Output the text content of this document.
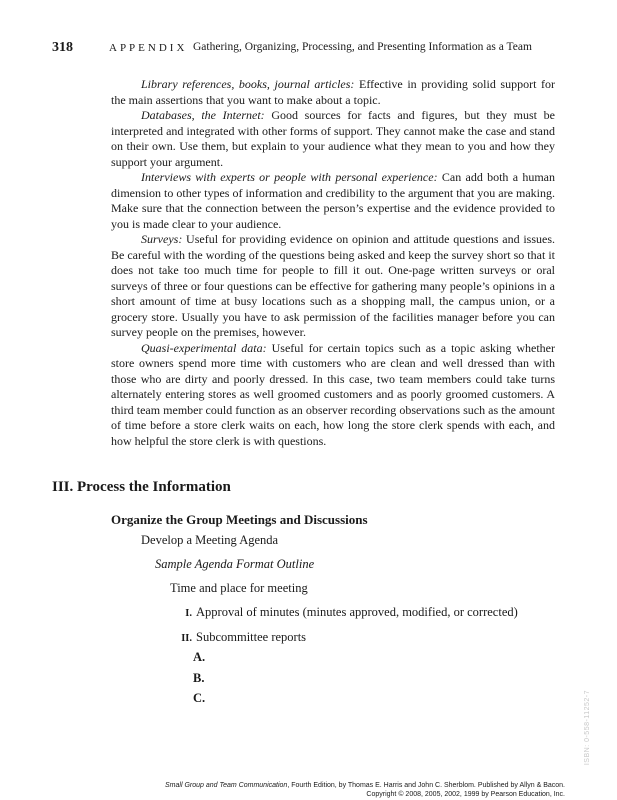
318	APPENDIX Gathering, Organizing, Processing, and Presenting Information as a Team

Library references, books, journal articles: Effective in providing solid support for the main assertions that you want to make about a topic.

Databases, the Internet: Good sources for facts and figures, but they must be interpreted and integrated with other forms of support. They cannot make the case and stand on their own. Use them, but explain to your audience what they mean to you and how they support your argument.

Interviews with experts or people with personal experience: Can add both a human dimension to other types of information and credibility to the argument that you are making. Make sure that the connection between the person’s expertise and the evidence provided to you is made clear to your audience.

Surveys: Useful for providing evidence on opinion and attitude questions and issues. Be careful with the wording of the questions being asked and keep the survey short so that it does not take too much time for people to fill it out. One-page written surveys or oral surveys of three or four questions can be effective for gathering many people’s opinions in a short amount of time at busy locations such as a shopping mall, the campus union, or a grocery store. Usually you have to ask permission of the facilities manager before you can survey people on the premises, however.

Quasi-experimental data: Useful for certain topics such as a topic asking whether store owners spend more time with customers who are clean and well dressed than with those who are dirty and poorly dressed. In this case, two team members could take turns alternately entering stores as well groomed customers and as poorly groomed customers. A third team member could function as an observer recording observations such as the amount of time before a store clerk waits on each, how long the store clerk spends with each, and how helpful the store clerk is with questions.

III. Process the Information
Organize the Group Meetings and Discussions
Develop a Meeting Agenda
Sample Agenda Format Outline
Time and place for meeting
I. Approval of minutes (minutes approved, modified, or corrected)
II. Subcommittee reports
A.
B.
C.	ISBN: 0-558-11252-7
Small Group and Team Communication, Fourth Edition, by Thomas E. Harris and John C. Sherblom. Published by Allyn & Bacon.
Copyright © 2008, 2005, 2002, 1999 by Pearson Education, Inc.
